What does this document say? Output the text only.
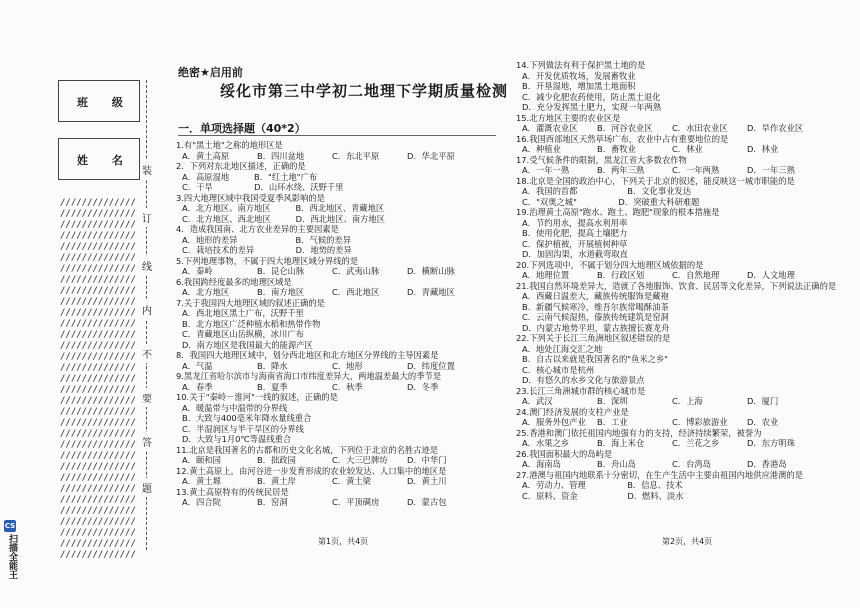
班 级
姓 名
//////////////
//////////////
//////////////
//////////////
//////////////
//////////////
//////////////
//////////////
//////////////
//////////////
//////////////
//////////////
//////////////
//////////////
//////////////
//////////////
//////////////
//////////////
//////////////
//////////////
//////////////
//////////////
//////////////
//////////////
//////////////
//////////////
//////////////
//////////////
//////////////
//////////////
//////////////
//////////////
//////////////
装
订
线
内
不
要
答
题
CS
扫描全能王
绝密★启用前
绥化市第三中学初二地理下学期质量检测
一．单项选择题（40*2）
1.有"黑土地"之称的地形区是
A．黄土高原	B．四川盆地	C．东北平原	D．华北平原
2．下列对东北地区描述，正确的是
A．高原湿地　　　B．"红土地"广布
C．干旱　　　　　D．山环水绕、沃野千里
3.四大地理区域中我国受夏季风影响的是
A．北方地区、南方地区　　　B．西北地区、青藏地区
C．北方地区、西北地区　　　D．西北地区、南方地区
4．造成我国南、北方农业差异的主要因素是
A．地形的差异　　　　　　　B．气候的差异
C．栽培技术的差异　　　　　D．地势的差异
5.下列地理事物，不属于四大地理区域分界线的是
A．秦岭	B．昆仑山脉	C．武夷山脉	D．横断山脉
6.我国跨经度最多的地理区域是
A．北方地区	B．南方地区	C．西北地区	D．青藏地区
7.关于我国四大地理区域的叙述正确的是
A．西北地区黑土广布，沃野千里
B．北方地区广泛种植水稻和热带作物
C．青藏地区山岳纵横，冰川广布
D．南方地区是我国最大的能源产区
8．我国四大地理区域中，划分西北地区和北方地区分界线的主导因素是
A．气温	B．降水	C．地形	D．纬度位置
9.黑龙江省哈尔滨市与海南省海口市纬度差异大，两地温差最大的季节是
A．春季	B．夏季	C．秋季	D．冬季
10.关于"秦岭－淮河"一线的叙述，正确的是
A．暖温带与中温带的分界线
B．大致与400毫米年降水量线重合
C．半湿润区与半干旱区的分界线
D．大致与1月0℃等温线重合
11.北京是我国著名的古都和历史文化名城，下列位于北京的名胜古迹是
A．颐和园	B．拙政园	C．大三巴牌坊	D．中华门
12.黄土高原上，由河谷进一步发育形成的农业较发达、人口集中的地区是
A．黄土塬	B．黄土岸	C．黄土梁	D．黄土川
13.黄土高原特有的传统民居是
A．四合院	B．窑洞	C．平顶碉房	D．蒙古包
14.下列做法有利于保护黑土地的是
A．开发优质牧场，发展畜牧业
B．开垦湿地，增加黑土地面积
C．减少化肥农药使用，防止黑土退化
D．充分发挥黑土肥力，实现一年两熟
15.北方地区主要的农业区是
A．灌溉农业区	B．河谷农业区	C．水田农业区	D．旱作农业区
16.我国西部地区天然草场广布，农业中占有重要地位的是
A．种植业	B．畜牧业	C．林业	D．林业
17.受气候条件的限制，黑龙江省大多数农作物
A．一年一熟	B．两年三熟	C．一年两熟	D．一年三熟
18.北京是全国的政治中心，下列关于北京的叙述，能反映这一城市职能的是
A．我国的首都　　　　　　B．文化事业发达
C．"双奥之城"　　　　　D．突破重大科研难题
19.治理黄土高原"跑水、跑土、跑肥"现象的根本措施是
A．节约用水，提高水利用率
B．使用化肥，提高土壤肥力
C．保护植被，开展植树种草
D．加固沟渠，水道截弯取直
20.下列选项中，不属于划分四大地理区域依据的是
A．地理位置	B．行政区划	C．自然地理	D．人文地理
21.我国自然环境差异大，造就了各地服饰、饮食、民居等文化差异，下列说法正确的是
A．西藏日温差大，藏族传统服饰是藏袍
B．新疆气候寒冷，维吾尔族常喝酥油茶
C．云南气候湿热，傣族传统建筑是窑洞
D．内蒙古地势平坦，蒙古族擅长赛龙舟
22.下列关于长江三角洲地区叙述错误的是
A．地处江海交汇之地
B．自古以来就是我国著名的"鱼米之乡"
C．核心城市是杭州
D．有悠久的水乡文化与旅游景点
23.长江三角洲城市群的核心城市是
A．武汉	B．深圳	C．上海	D．厦门
24.澳门经济发展的支柱产业是
A．服务外包产业	B．工业	C．博彩旅游业	D．农业
25.香港和澳门依托祖国内地强有力的支持，经济持续繁荣，被誉为
A．水果之乡	B．海上米仓	C．兰花之乡	D．东方明珠
26.我国面积最大的岛屿是
A．海南岛	B．舟山岛	C．台湾岛	D．香港岛
27.港澳与祖国内地联系十分密切，在生产生活中主要由祖国内地供应港澳的是
A．劳动力、管理　　　　　B．信息、技术
C．原料、资金　　　　　　D．燃料、淡水
第1页，共4页	第2页，共4页
